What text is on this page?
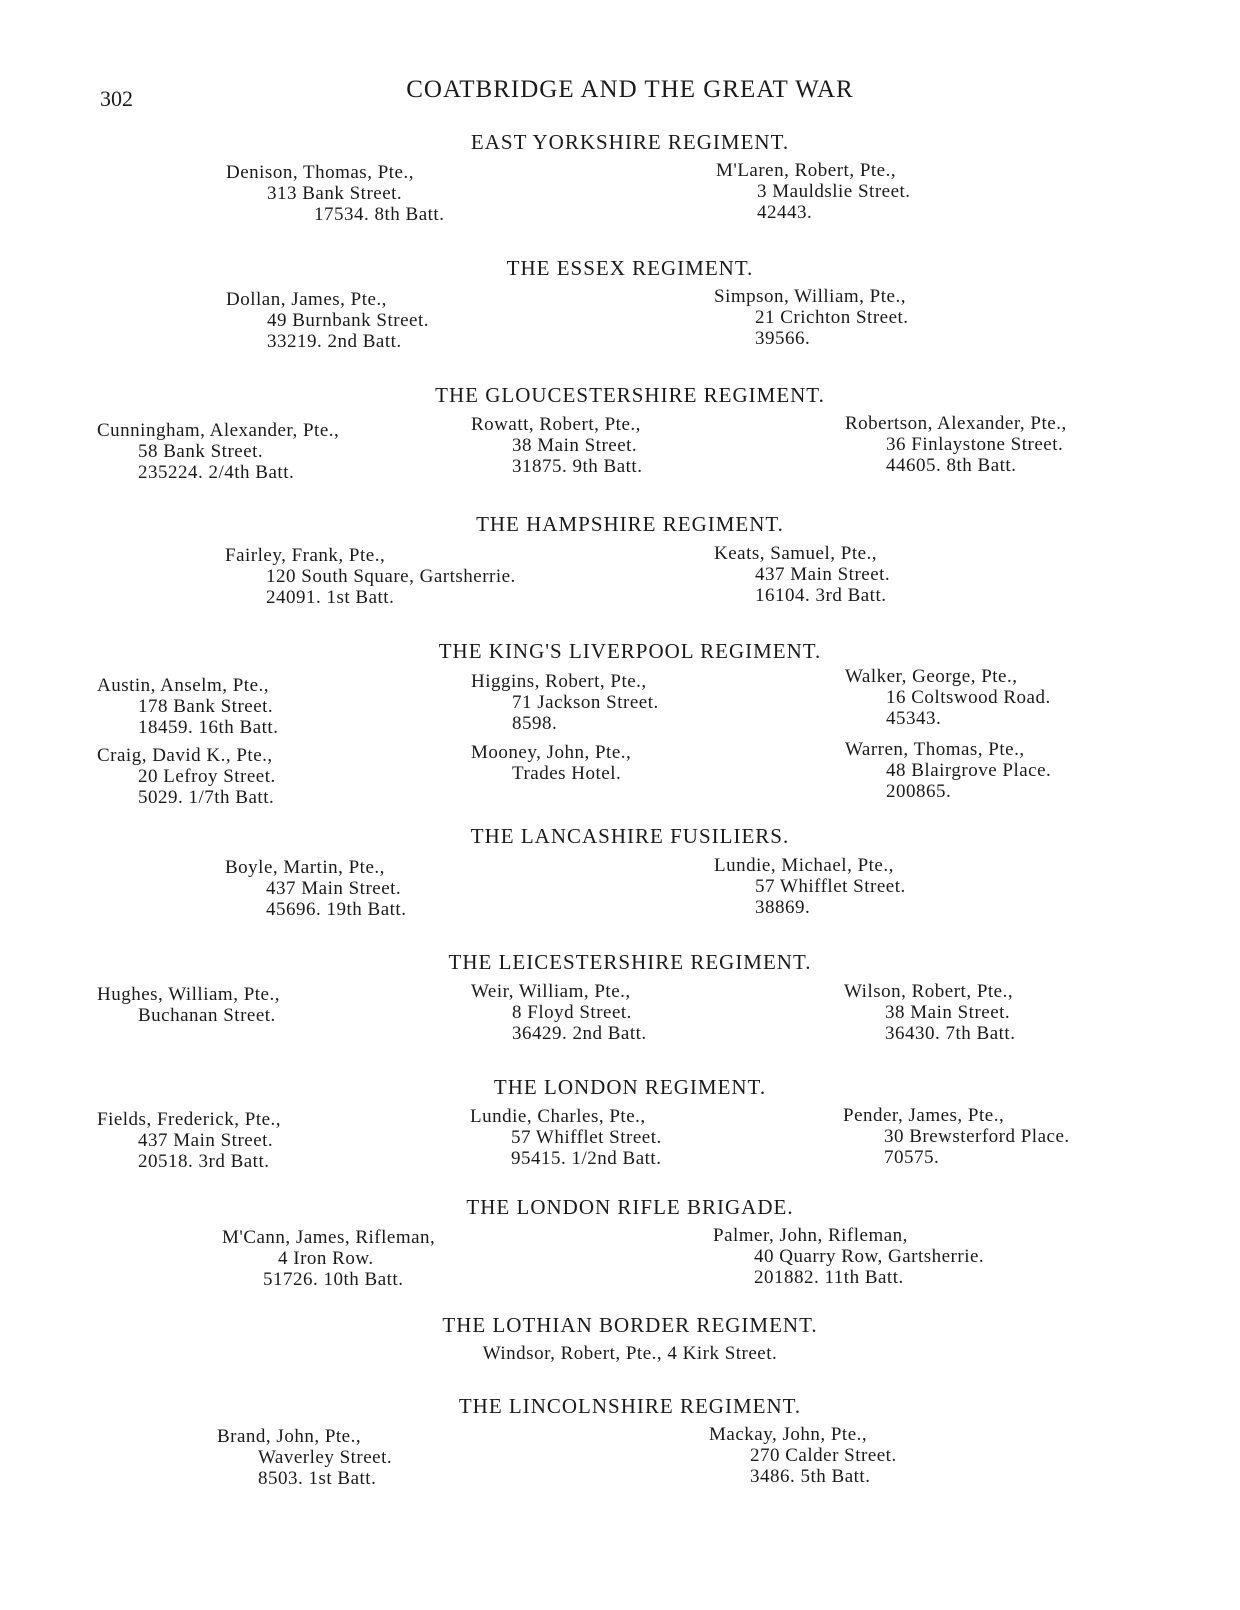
302	COATBRIDGE AND THE GREAT WAR
EAST YORKSHIRE REGIMENT.
THE ESSEX REGIMENT.
THE GLOUCESTERSHIRE REGIMENT.
THE HAMPSHIRE REGIMENT.
THE KING'S LIVERPOOL REGIMENT.
THE LANCASHIRE FUSILIERS.
THE LEICESTERSHIRE REGIMENT.
THE LONDON REGIMENT.
THE LONDON RIFLE BRIGADE.
THE LOTHIAN BORDER REGIMENT.
THE LINCOLNSHIRE REGIMENT.
Denison, Thomas, Pte.,
313 Bank Street.
17534. 8th Batt.
M'Laren, Robert, Pte.,
3 Mauldslie Street.
42443.
Dollan, James, Pte.,
49 Burnbank Street.
33219. 2nd Batt.
Simpson, William, Pte.,
21 Crichton Street.
39566.
Cunningham, Alexander, Pte.,
58 Bank Street.
235224. 2/4th Batt.
Rowatt, Robert, Pte.,
38 Main Street.
31875. 9th Batt.
Robertson, Alexander, Pte.,
36 Finlaystone Street.
44605. 8th Batt.
Fairley, Frank, Pte.,
120 South Square, Gartsherrie.
24091. 1st Batt.
Keats, Samuel, Pte.,
437 Main Street.
16104. 3rd Batt.
Austin, Anselm, Pte.,
178 Bank Street.
18459. 16th Batt.
Higgins, Robert, Pte.,
71 Jackson Street.
8598.
Walker, George, Pte.,
16 Coltswood Road.
45343.
Craig, David K., Pte.,
20 Lefroy Street.
5029. 1/7th Batt.
Mooney, John, Pte.,
Trades Hotel.
Warren, Thomas, Pte.,
48 Blairgrove Place.
200865.
Boyle, Martin, Pte.,
437 Main Street.
45696. 19th Batt.
Lundie, Michael, Pte.,
57 Whifflet Street.
38869.
Hughes, William, Pte.,
Buchanan Street.
Weir, William, Pte.,
8 Floyd Street.
36429. 2nd Batt.
Wilson, Robert, Pte.,
38 Main Street.
36430. 7th Batt.
Fields, Frederick, Pte.,
437 Main Street.
20518. 3rd Batt.
Lundie, Charles, Pte.,
57 Whifflet Street.
95415. 1/2nd Batt.
Pender, James, Pte.,
30 Brewsterford Place.
70575.
M'Cann, James, Rifleman,
4 Iron Row.
51726. 10th Batt.
Palmer, John, Rifleman,
40 Quarry Row, Gartsherrie.
201882. 11th Batt.
Windsor, Robert, Pte., 4 Kirk Street.
Brand, John, Pte.,
Waverley Street.
8503. 1st Batt.
Mackay, John, Pte.,
270 Calder Street.
3486. 5th Batt.
